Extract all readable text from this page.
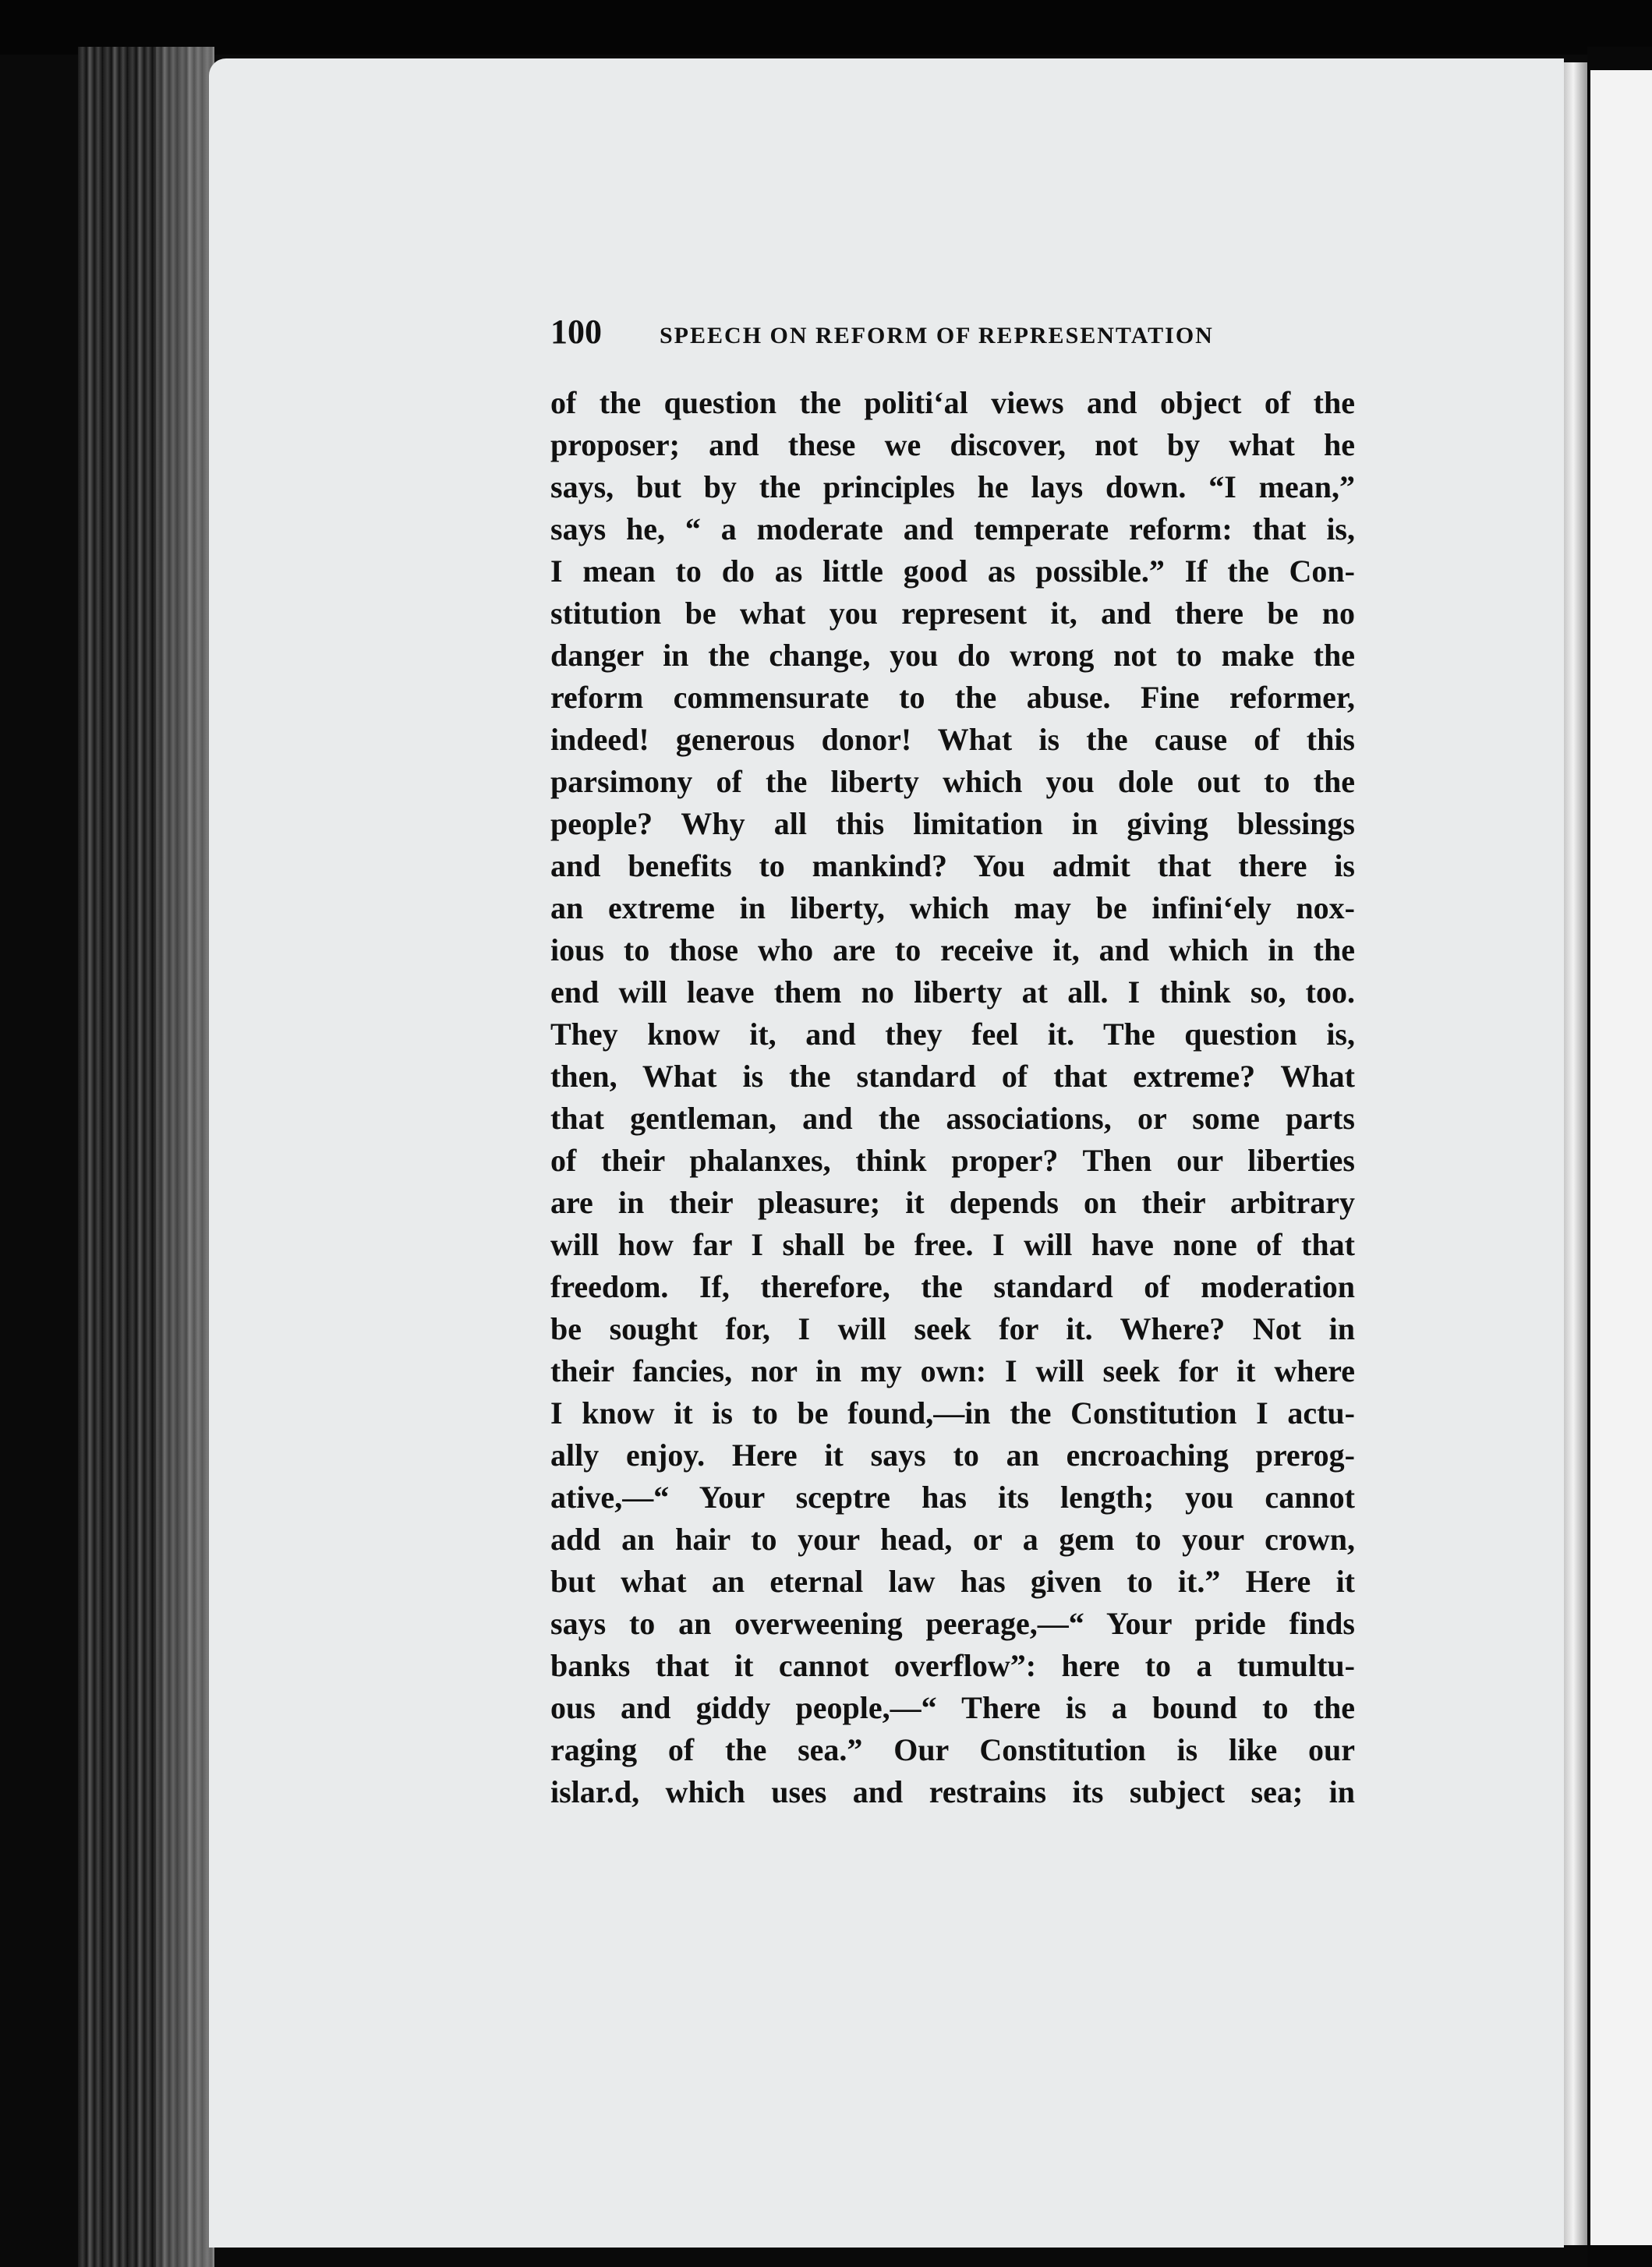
100	SPEECH ON REFORM OF REPRESENTATION
of the question the politi‘al views and object of the
proposer; and these we discover, not by what he
says, but by the principles he lays down. “I mean,”
says he, “ a moderate and temperate reform: that is,
I mean to do as little good as possible.” If the Con-
stitution be what you represent it, and there be no
danger in the change, you do wrong not to make the
reform commensurate to the abuse. Fine reformer,
indeed! generous donor! What is the cause of this
parsimony of the liberty which you dole out to the
people? Why all this limitation in giving blessings
and benefits to mankind? You admit that there is
an extreme in liberty, which may be infini‘ely nox-
ious to those who are to receive it, and which in the
end will leave them no liberty at all. I think so, too.
They know it, and they feel it. The question is,
then, What is the standard of that extreme? What
that gentleman, and the associations, or some parts
of their phalanxes, think proper? Then our liberties
are in their pleasure; it depends on their arbitrary
will how far I shall be free. I will have none of that
freedom. If, therefore, the standard of moderation
be sought for, I will seek for it. Where? Not in
their fancies, nor in my own: I will seek for it where
I know it is to be found,—in the Constitution I actu-
ally enjoy. Here it says to an encroaching prerog-
ative,—“ Your sceptre has its length; you cannot
add an hair to your head, or a gem to your crown,
but what an eternal law has given to it.” Here it
says to an overweening peerage,—“ Your pride finds
banks that it cannot overflow”: here to a tumultu-
ous and giddy people,—“ There is a bound to the
raging of the sea.” Our Constitution is like our
islar.d, which uses and restrains its subject sea; in
